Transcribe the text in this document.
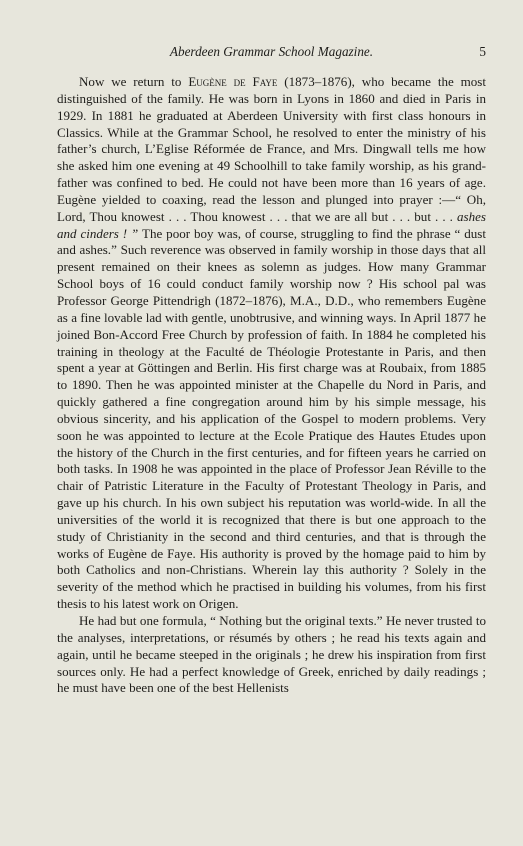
Aberdeen Grammar School Magazine.	5

Now we return to Eugène de Faye (1873–1876), who became the most distinguished of the family. He was born in Lyons in 1860 and died in Paris in 1929. In 1881 he graduated at Aberdeen University with first class honours in Classics. While at the Grammar School, he resolved to enter the ministry of his father’s church, L’Eglise Réformée de France, and Mrs. Dingwall tells me how she asked him one evening at 49 Schoolhill to take family worship, as his grand-father was confined to bed. He could not have been more than 16 years of age. Eugène yielded to coaxing, read the lesson and plunged into prayer :—“ Oh, Lord, Thou knowest . . . Thou knowest . . . that we are all but . . . but . . . ashes and cinders ! ” The poor boy was, of course, struggling to find the phrase “ dust and ashes.” Such reverence was observed in family worship in those days that all present remained on their knees as solemn as judges. How many Grammar School boys of 16 could conduct family worship now ? His school pal was Professor George Pittendrigh (1872–1876), M.A., D.D., who remembers Eugène as a fine lovable lad with gentle, unobtrusive, and winning ways. In April 1877 he joined Bon-Accord Free Church by profession of faith. In 1884 he completed his training in theology at the Faculté de Théologie Protestante in Paris, and then spent a year at Göttingen and Berlin. His first charge was at Roubaix, from 1885 to 1890. Then he was appointed minister at the Chapelle du Nord in Paris, and quickly gathered a fine congregation around him by his simple message, his obvious sincerity, and his application of the Gospel to modern problems. Very soon he was appointed to lecture at the Ecole Pratique des Hautes Etudes upon the history of the Church in the first centuries, and for fifteen years he carried on both tasks. In 1908 he was appointed in the place of Professor Jean Réville to the chair of Patristic Literature in the Faculty of Protestant Theology in Paris, and gave up his church. In his own subject his reputation was world-wide. In all the universities of the world it is recognized that there is but one approach to the study of Christianity in the second and third centuries, and that is through the works of Eugène de Faye. His authority is proved by the homage paid to him by both Catholics and non-Christians. Wherein lay this authority ? Solely in the severity of the method which he practised in building his volumes, from his first thesis to his latest work on Origen.

He had but one formula, “ Nothing but the original texts.” He never trusted to the analyses, interpretations, or résumés by others ; he read his texts again and again, until he became steeped in the originals ; he drew his inspiration from first sources only. He had a perfect knowledge of Greek, enriched by daily readings ; he must have been one of the best Hellenists
